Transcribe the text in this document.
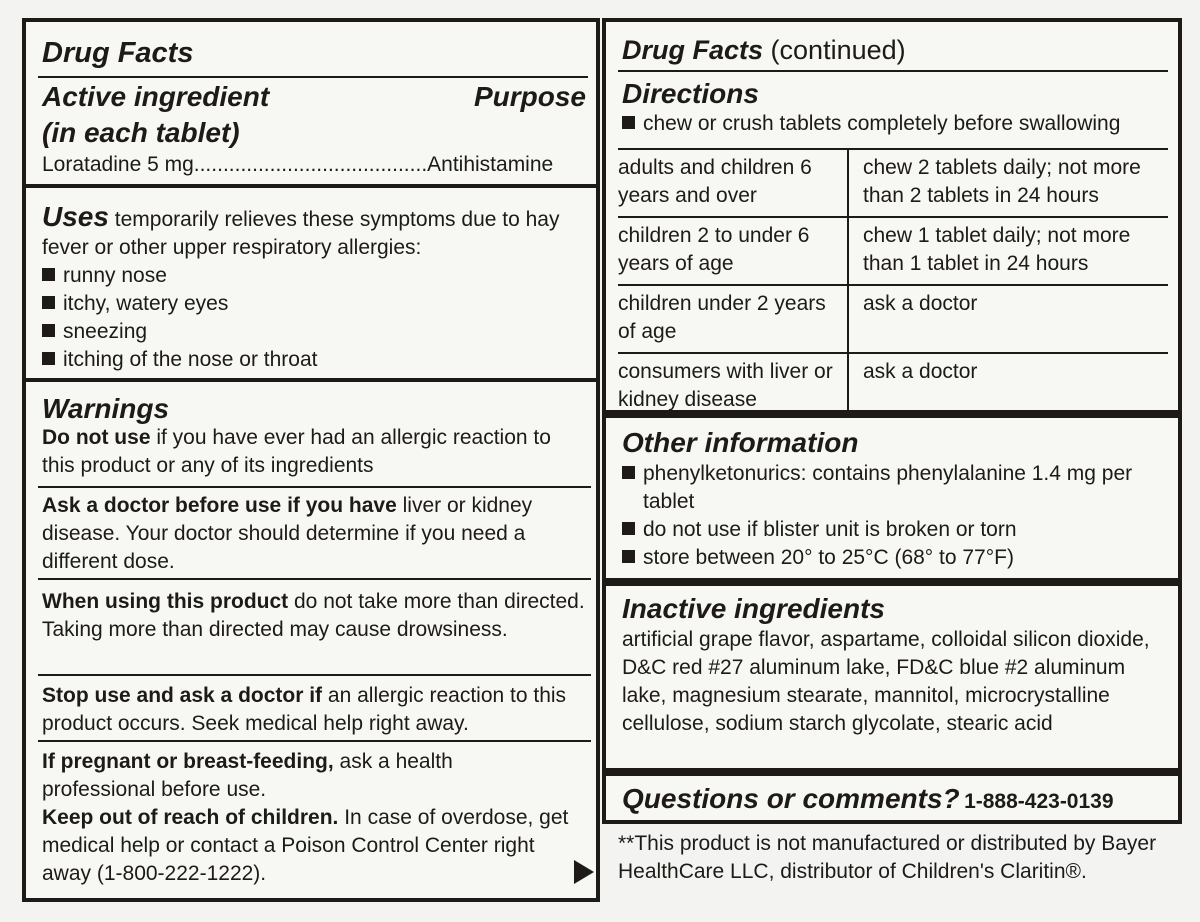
Drug Facts
Active ingredient
(in each tablet)
Purpose
Loratadine 5 mg........................................Antihistamine
Uses temporarily relieves these symptoms due to hay fever or other upper respiratory allergies:
runny nose
itchy, watery eyes
sneezing
itching of the nose or throat
Warnings
Do not use if you have ever had an allergic reaction to this product or any of its ingredients
Ask a doctor before use if you have liver or kidney disease. Your doctor should determine if you need a different dose.
When using this product do not take more than directed. Taking more than directed may cause drowsiness.
Stop use and ask a doctor if an allergic reaction to this product occurs. Seek medical help right away.
If pregnant or breast-feeding, ask a health professional before use.
Keep out of reach of children. In case of overdose, get medical help or contact a Poison Control Center right away (1-800-222-1222).
Drug Facts (continued)
Directions
chew or crush tablets completely before swallowing
adults and children 6 years and over	chew 2 tablets daily; not more than 2 tablets in 24 hours
children 2 to under 6 years of age	chew 1 tablet daily; not more than 1 tablet in 24 hours
children under 2 years of age	ask a doctor
consumers with liver or kidney disease	ask a doctor
Other information
phenylketonurics: contains phenylalanine 1.4 mg per tablet
do not use if blister unit is broken or torn
store between 20° to 25°C (68° to 77°F)
Inactive ingredients
artificial grape flavor, aspartame, colloidal silicon dioxide, D&C red #27 aluminum lake, FD&C blue #2 aluminum lake, magnesium stearate, mannitol, microcrystalline cellulose, sodium starch glycolate, stearic acid
Questions or comments? 1-888-423-0139
**This product is not manufactured or distributed by Bayer HealthCare LLC, distributor of Children's Claritin®.
